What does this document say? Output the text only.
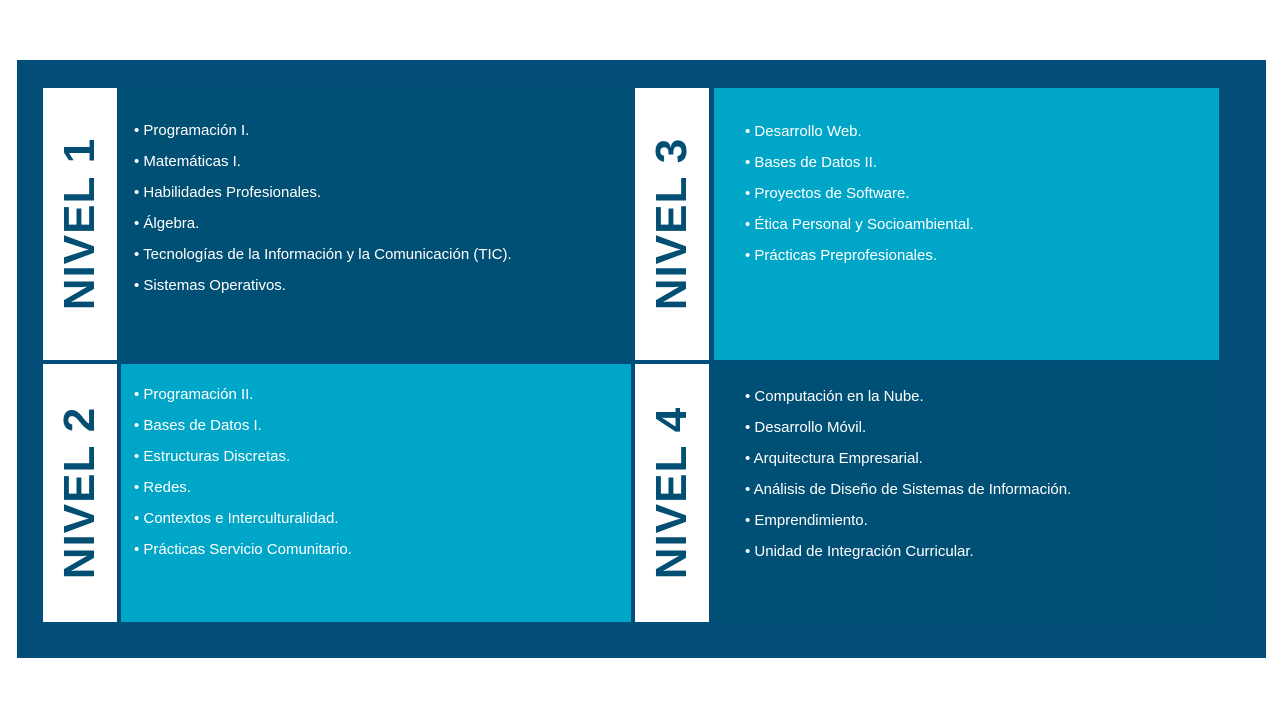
NIVEL 1
• Programación I.
• Matemáticas I.
• Habilidades Profesionales.
• Álgebra.
• Tecnologías de la Información y la Comunicación (TIC).
• Sistemas Operativos.
NIVEL 2
• Programación II.
• Bases de Datos I.
• Estructuras Discretas.
• Redes.
• Contextos e Interculturalidad.
• Prácticas Servicio Comunitario.
NIVEL 3
• Desarrollo Web.
• Bases de Datos II.
• Proyectos de Software.
• Ética Personal y Socioambiental.
• Prácticas Preprofesionales.
NIVEL 4
• Computación en la Nube.
• Desarrollo Móvil.
• Arquitectura Empresarial.
• Análisis de Diseño de Sistemas de Información.
• Emprendimiento.
• Unidad de Integración Curricular.
